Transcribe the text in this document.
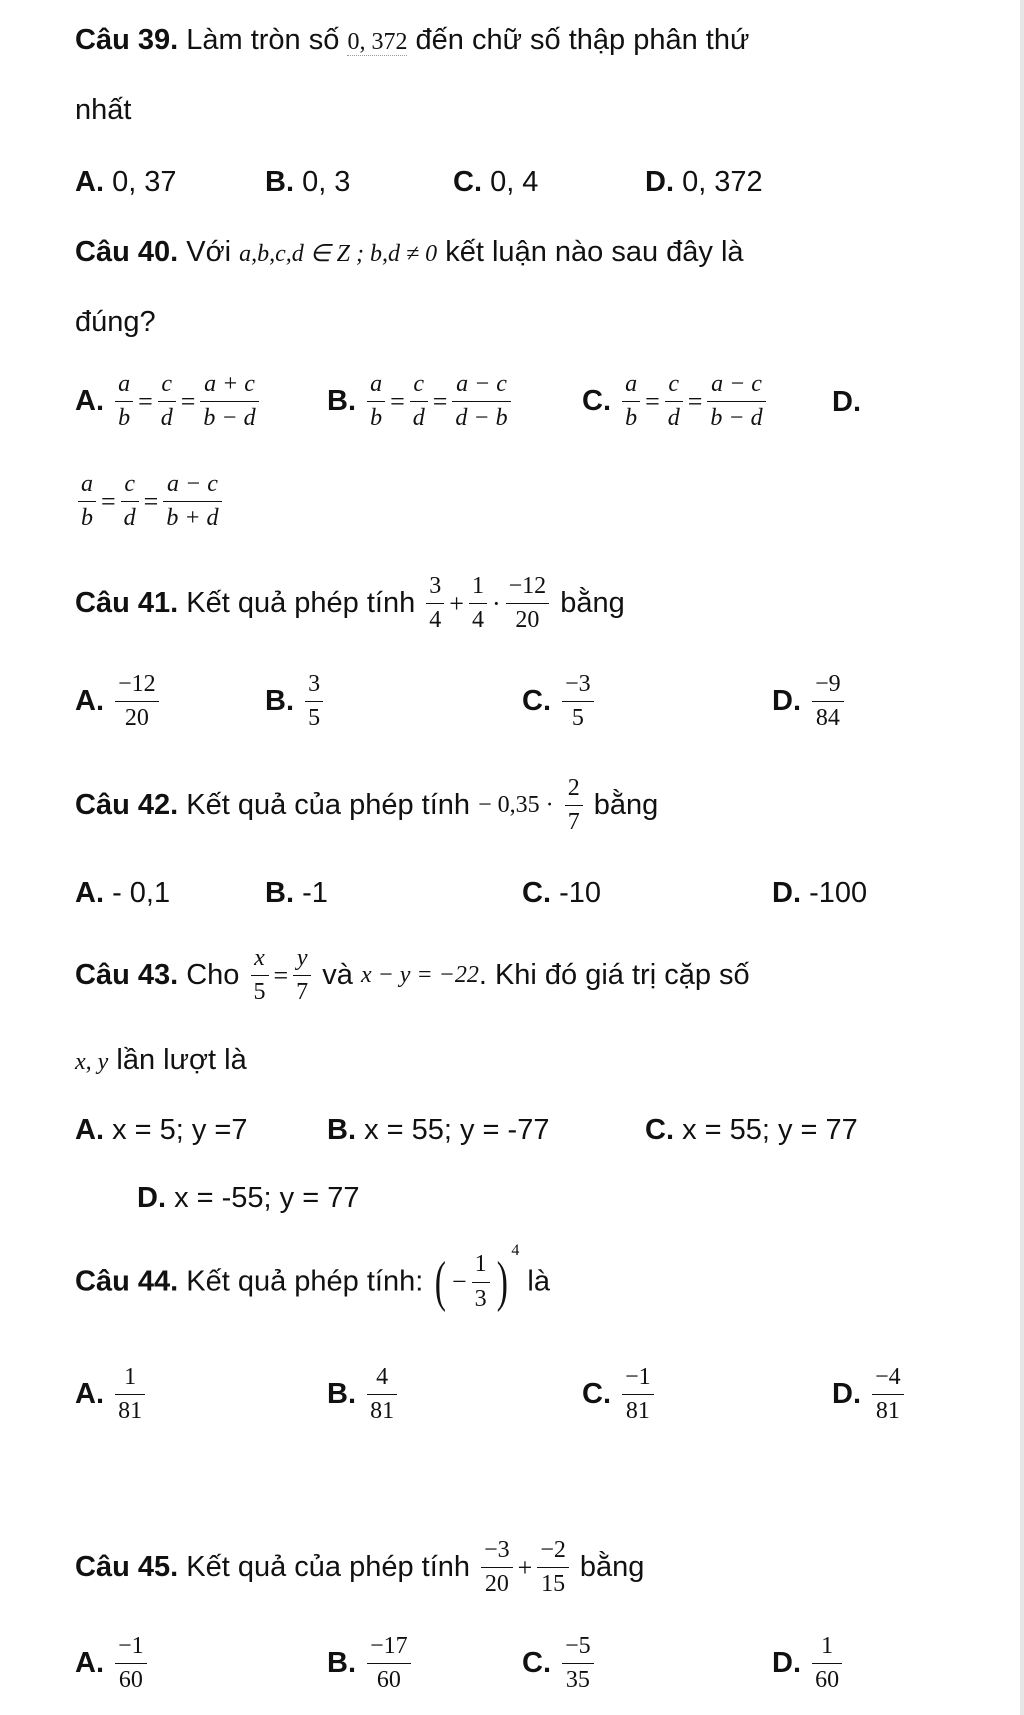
Câu 39. Làm tròn số 0, 372 đến chữ số thập phân thứ
nhất
A. 0, 37	B. 0, 3	C. 0, 4	D. 0, 372
Câu 40. Với a,b,c,d ∈ Z ; b,d ≠ 0 kết luận nào sau đây là
đúng?
A. $\frac{a}{b} = \frac{c}{d} = \frac{a + c}{b - d} B$. $\frac{a}{b} = \frac{c}{d} = \frac{a - c}{d - b} C$. $\frac{a}{b} = \frac{c}{d} = \frac{a - c}{b - d} D$.
$\frac{a}{b} = \frac{c}{d} = \frac{a - c}{b + d}$
Câu 41. Kết quả phép tính $\frac{3}{4} + \frac{1}{4} \cdot \frac{-12}{20}$ bằng
A. $\frac{-12}{20}$	B. $\frac{3}{5}$	C. $\frac{-3}{5}$	D. $\frac{-9}{84}$
Câu 42. Kết quả của phép tính − $0,35 \cdot \frac{2}{7}$ bằng
A. - 0,1	B. -1	C. -10	D. -100
Câu 43. Cho $\frac{x}{5} = \frac{y}{7}$ và x − y = −22. Khi đó giá trị cặp số
x, y lần lượt là
A. x = 5; y =7	B. x = 55; y = -77	C. x = 55; y = 77
D. x = -55; y = 77
Câu 44. Kết quả phép tính: ( − $\frac{1}{3} )^4$ là
A. $\frac{1}{81}$	B. $\frac{4}{81}$	C. $\frac{-1}{81}$	D. $\frac{-4}{81}$
Câu 45. Kết quả của phép tính $\frac{-3}{20} + \frac{-2}{15}$ bằng
A. $\frac{-1}{60}$	B. $\frac{-17}{60}$	C. $\frac{-5}{35}$	D. $\frac{1}{60}$
